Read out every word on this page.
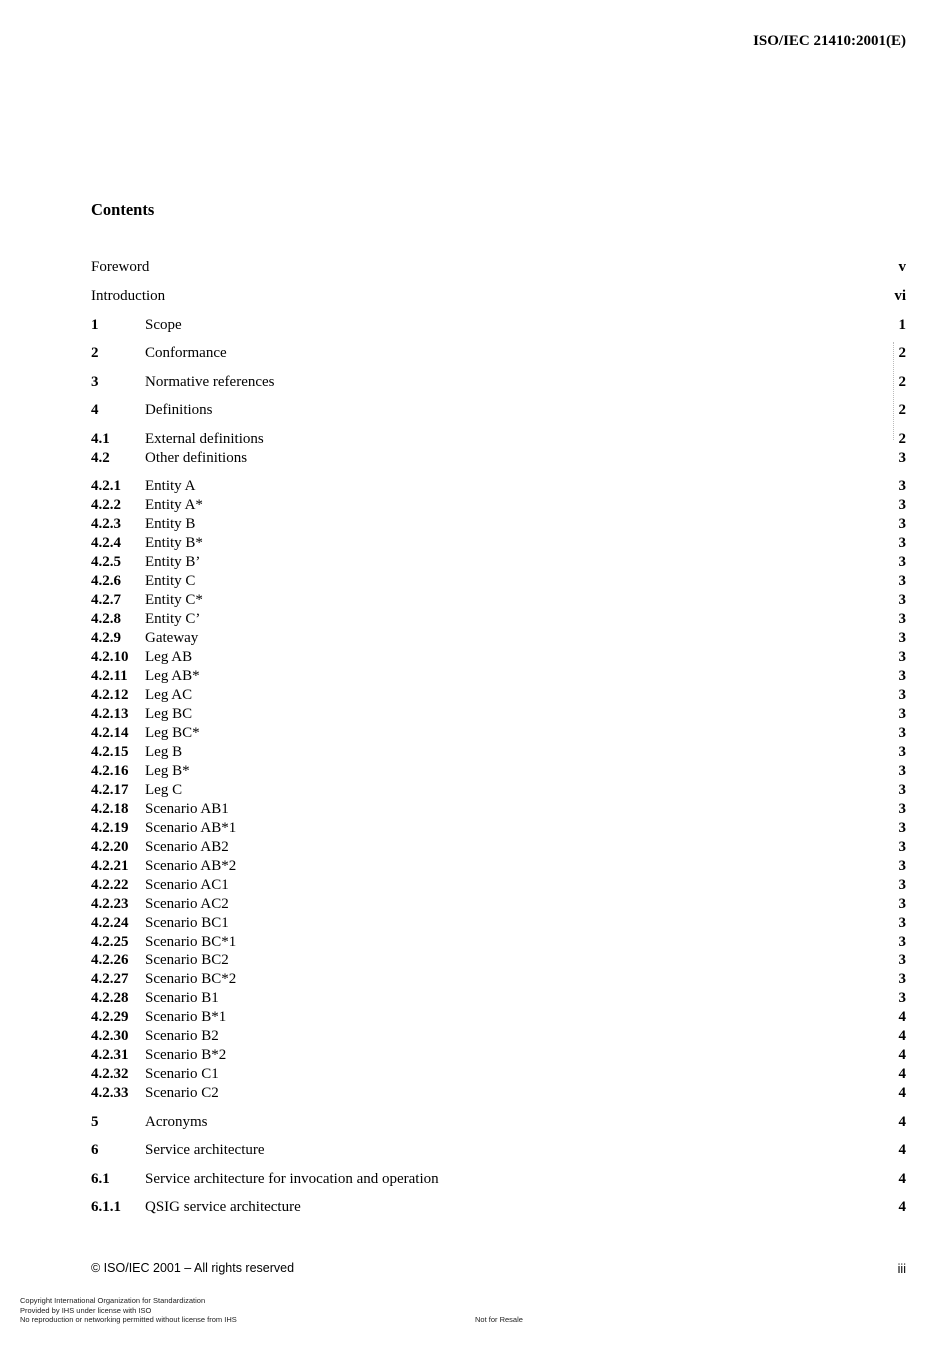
ISO/IEC 21410:2001(E)
Contents
Foreword	v
Introduction	vi
1	Scope	1
2	Conformance	2
3	Normative references	2
4	Definitions	2
4.1 External definitions	2
4.2 Other definitions	3
4.2.1 Entity A	3
4.2.2 Entity A*	3
4.2.3 Entity B	3
4.2.4 Entity B*	3
4.2.5 Entity B’	3
4.2.6 Entity C	3
4.2.7 Entity C*	3
4.2.8 Entity C’	3
4.2.9 Gateway	3
4.2.10 Leg AB	3
4.2.11 Leg AB*	3
4.2.12 Leg AC	3
4.2.13 Leg BC	3
4.2.14 Leg BC*	3
4.2.15 Leg B	3
4.2.16 Leg B*	3
4.2.17 Leg C	3
4.2.18 Scenario AB1	3
4.2.19 Scenario AB*1	3
4.2.20 Scenario AB2	3
4.2.21 Scenario AB*2	3
4.2.22 Scenario AC1	3
4.2.23 Scenario AC2	3
4.2.24 Scenario BC1	3
4.2.25 Scenario BC*1	3
4.2.26 Scenario BC2	3
4.2.27 Scenario BC*2	3
4.2.28 Scenario B1	3
4.2.29 Scenario B*1	4
4.2.30 Scenario B2	4
4.2.31 Scenario B*2	4
4.2.32 Scenario C1	4
4.2.33 Scenario C2	4
5	Acronyms	4
6	Service architecture	4
6.1 Service architecture for invocation and operation	4
6.1.1 QSIG service architecture	4
© ISO/IEC 2001 – All rights reserved	iii
Copyright International Organization for Standardization
Provided by IHS under license with ISO
No reproduction or networking permitted without license from IHS	Not for Resale
